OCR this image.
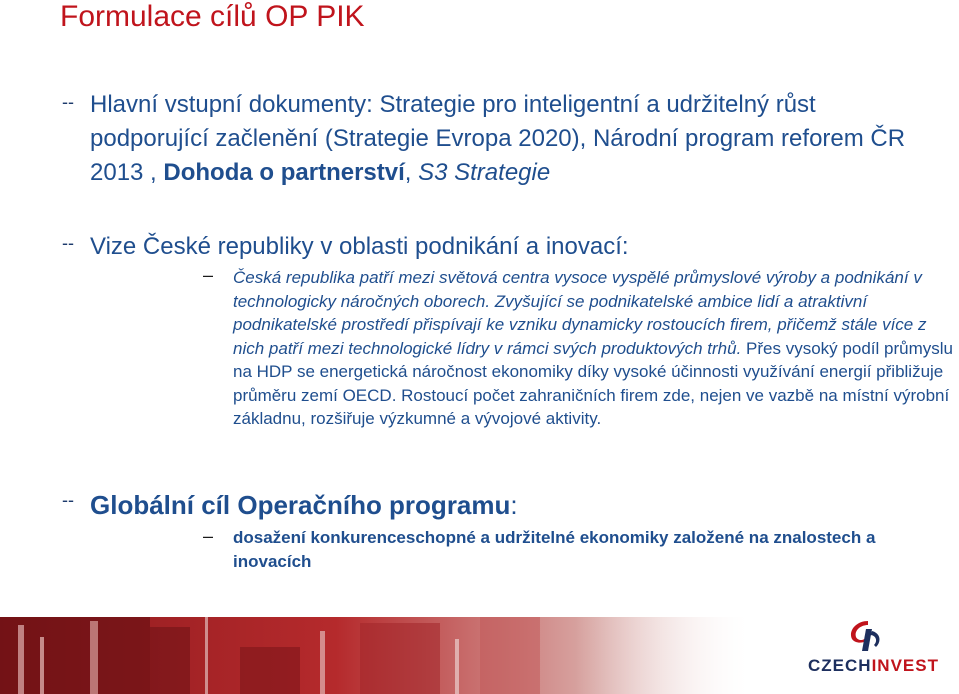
Formulace cílů OP PIK
-- Hlavní vstupní dokumenty: Strategie pro inteligentní a udržitelný růst podporující začlenění (Strategie Evropa 2020), Národní program reforem ČR 2013 , Dohoda o partnerství, S3 Strategie
-- Vize České republiky v oblasti podnikání a inovací:
– Česká republika patří mezi světová centra vysoce vyspělé průmyslové výroby a podnikání v technologicky náročných oborech. Zvyšující se podnikatelské ambice lidí a atraktivní podnikatelské prostředí přispívají ke vzniku dynamicky rostoucích firem, přičemž stále více z nich patří mezi technologické lídry v rámci svých produktových trhů. Přes vysoký podíl průmyslu na HDP se energetická náročnost ekonomiky díky vysoké účinnosti využívání energií přibližuje průměru zemí OECD. Rostoucí počet zahraničních firem zde, nejen ve vazbě na místní výrobní základnu, rozšiřuje výzkumné a vývojové aktivity.
-- Globální cíl Operačního programu:
– dosažení konkurenceschopné a udržitelné ekonomiky založené na znalostech a inovacích
CZECHINVEST
